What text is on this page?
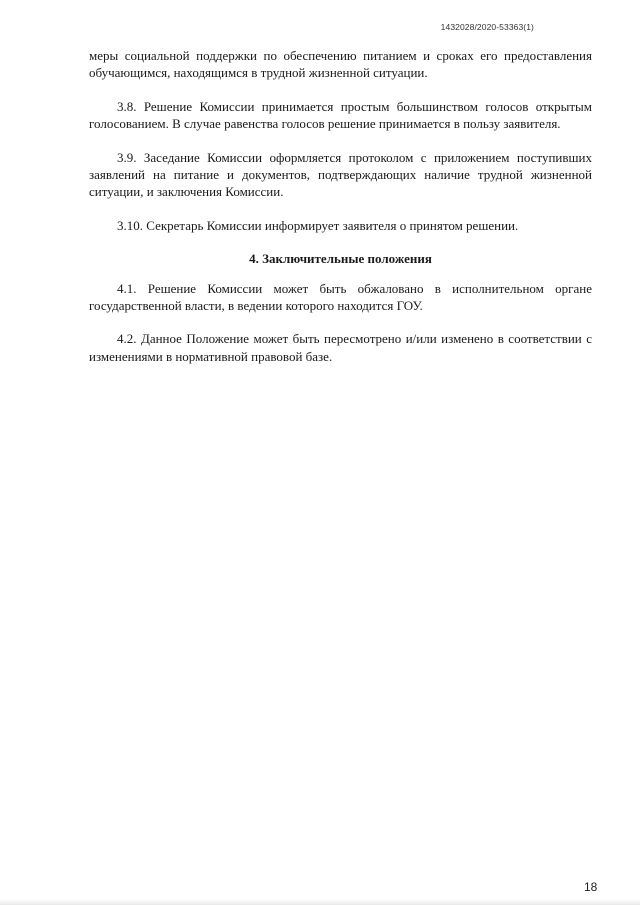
1432028/2020-53363(1)

меры социальной поддержки по обеспечению питанием и сроках его предоставления обучающимся, находящимся в трудной жизненной ситуации.

3.8. Решение Комиссии принимается простым большинством голосов открытым голосованием. В случае равенства голосов решение принимается в пользу заявителя.

3.9. Заседание Комиссии оформляется протоколом с приложением поступивших заявлений на питание и документов, подтверждающих наличие трудной жизненной ситуации, и заключения Комиссии.

3.10. Секретарь Комиссии информирует заявителя о принятом решении.

4. Заключительные положения

4.1. Решение Комиссии может быть обжаловано в исполнительном органе государственной власти, в ведении которого находится ГОУ.

4.2. Данное Положение может быть пересмотрено и/или изменено в соответствии с изменениями в нормативной правовой базе.

18
